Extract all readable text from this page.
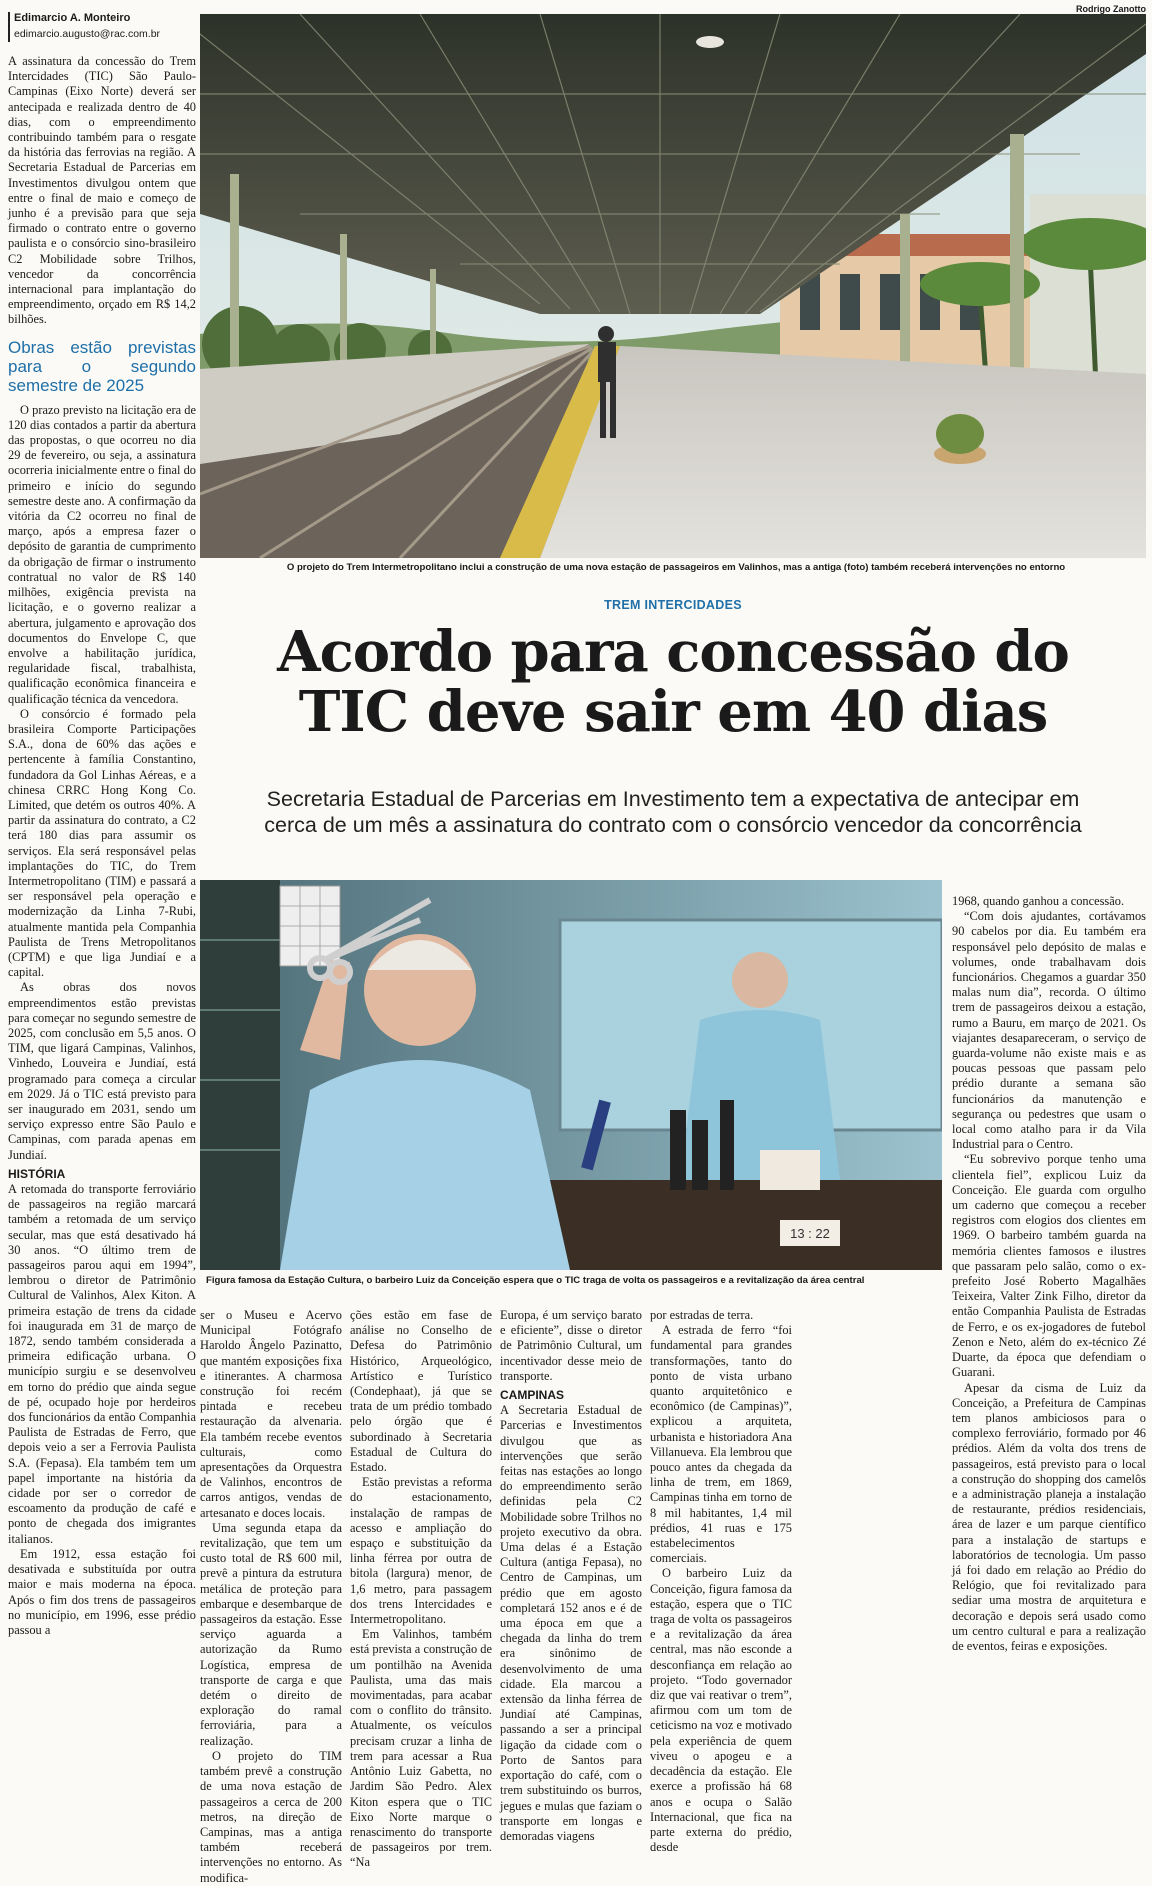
Edimarcio A. Monteiro
edimarcio.augusto@rac.com.br

A assinatura da concessão do Trem Intercidades (TIC) São Paulo-Campinas (Eixo Norte) deverá ser antecipada e realizada dentro de 40 dias, com o empreendimento contribuindo também para o resgate da história das ferrovias na região. A Secretaria Estadual de Parcerias em Investimentos divulgou ontem que entre o final de maio e começo de junho é a previsão para que seja firmado o contrato entre o governo paulista e o consórcio sino-brasileiro C2 Mobilidade sobre Trilhos, vencedor da concorrência internacional para implantação do empreendimento, orçado em R$ 14,2 bilhões.

Obras estão previstas para o segundo semestre de 2025

O prazo previsto na licitação era de 120 dias contados a partir da abertura das propostas, o que ocorreu no dia 29 de fevereiro, ou seja, a assinatura ocorreria inicialmente entre o final do primeiro e início do segundo semestre deste ano. A confirmação da vitória da C2 ocorreu no final de março, após a empresa fazer o depósito de garantia de cumprimento da obrigação de firmar o instrumento contratual no valor de R$ 140 milhões, exigência prevista na licitação, e o governo realizar a abertura, julgamento e aprovação dos documentos do Envelope C, que envolve a habilitação jurídica, regularidade fiscal, trabalhista, qualificação econômica financeira e qualificação técnica da vencedora.

O consórcio é formado pela brasileira Comporte Participações S.A., dona de 60% das ações e pertencente à família Constantino, fundadora da Gol Linhas Aéreas, e a chinesa CRRC Hong Kong Co. Limited, que detém os outros 40%. A partir da assinatura do contrato, a C2 terá 180 dias para assumir os serviços. Ela será responsável pelas implantações do TIC, do Trem Intermetropolitano (TIM) e passará a ser responsável pela operação e modernização da Linha 7-Rubi, atualmente mantida pela Companhia Paulista de Trens Metropolitanos (CPTM) e que liga Jundiaí e a capital.

As obras dos novos empreendimentos estão previstas para começar no segundo semestre de 2025, com conclusão em 5,5 anos. O TIM, que ligará Campinas, Valinhos, Vinhedo, Louveira e Jundiaí, está programado para começa a circular em 2029. Já o TIC está previsto para ser inaugurado em 2031, sendo um serviço expresso entre São Paulo e Campinas, com parada apenas em Jundiaí.

HISTÓRIA

A retomada do transporte ferroviário de passageiros na região marcará também a retomada de um serviço secular, mas que está desativado há 30 anos. “O último trem de passageiros parou aqui em 1994”, lembrou o diretor de Patrimônio Cultural de Valinhos, Alex Kiton. A primeira estação de trens da cidade foi inaugurada em 31 de março de 1872, sendo também considerada a primeira edificação urbana. O município surgiu e se desenvolveu em torno do prédio que ainda segue de pé, ocupado hoje por herdeiros dos funcionários da então Companhia Paulista de Estradas de Ferro, que depois veio a ser a Ferrovia Paulista S.A. (Fepasa). Ela também tem um papel importante na história da cidade por ser o corredor de escoamento da produção de café e ponto de chegada dos imigrantes italianos.

Em 1912, essa estação foi desativada e substituída por outra maior e mais moderna na época. Após o fim dos trens de passageiros no município, em 1996, esse prédio passou a

Rodrigo Zanotto
O projeto do Trem Intermetropolitano inclui a construção de uma nova estação de passageiros em Valinhos, mas a antiga (foto) também receberá intervenções no entorno
TREM INTERCIDADES
Acordo para concessão do
TIC deve sair em 40 dias
Secretaria Estadual de Parcerias em Investimento tem a expectativa de antecipar em
cerca de um mês a assinatura do contrato com o consórcio vencedor da concorrência
13 : 22
Figura famosa da Estação Cultura, o barbeiro Luiz da Conceição espera que o TIC traga de volta os passageiros e a revitalização da área central

1968, quando ganhou a concessão.

“Com dois ajudantes, cortávamos 90 cabelos por dia. Eu também era responsável pelo depósito de malas e volumes, onde trabalhavam dois funcionários. Chegamos a guardar 350 malas num dia”, recorda. O último trem de passageiros deixou a estação, rumo a Bauru, em março de 2021. Os viajantes desapareceram, o serviço de guarda-volume não existe mais e as poucas pessoas que passam pelo prédio durante a semana são funcionários da manutenção e segurança ou pedestres que usam o local como atalho para ir da Vila Industrial para o Centro.

“Eu sobrevivo porque tenho uma clientela fiel”, explicou Luiz da Conceição. Ele guarda com orgulho um caderno que começou a receber registros com elogios dos clientes em 1969. O barbeiro também guarda na memória clientes famosos e ilustres que passaram pelo salão, como o ex-prefeito José Roberto Magalhães Teixeira, Valter Zink Filho, diretor da então Companhia Paulista de Estradas de Ferro, e os ex-jogadores de futebol Zenon e Neto, além do ex-técnico Zé Duarte, da época que defendiam o Guarani.

Apesar da cisma de Luiz da Conceição, a Prefeitura de Campinas tem planos ambiciosos para o complexo ferroviário, formado por 46 prédios. Além da volta dos trens de passageiros, está previsto para o local a construção do shopping dos camelôs e a administração planeja a instalação de restaurante, prédios residenciais, área de lazer e um parque científico para a instalação de startups e laboratórios de tecnologia. Um passo já foi dado em relação ao Prédio do Relógio, que foi revitalizado para sediar uma mostra de arquitetura e decoração e depois será usado como um centro cultural e para a realização de eventos, feiras e exposições.

ser o Museu e Acervo Municipal Fotógrafo Haroldo Ângelo Pazinatto, que mantém exposições fixa e itinerantes. A charmosa construção foi recém pintada e recebeu restauração da alvenaria. Ela também recebe eventos culturais, como apresentações da Orquestra de Valinhos, encontros de carros antigos, vendas de artesanato e doces locais.

Uma segunda etapa da revitalização, que tem um custo total de R$ 600 mil, prevê a pintura da estrutura metálica de proteção para embarque e desembarque de passageiros da estação. Esse serviço aguarda a autorização da Rumo Logística, empresa de transporte de carga e que detém o direito de exploração do ramal ferroviária, para a realização.

O projeto do TIM também prevê a construção de uma nova estação de passageiros a cerca de 200 metros, na direção de Campinas, mas a antiga também receberá intervenções no entorno. As modifica-

ções estão em fase de análise no Conselho de Defesa do Patrimônio Histórico, Arqueológico, Artístico e Turístico (Condephaat), já que se trata de um prédio tombado pelo órgão que é subordinado à Secretaria Estadual de Cultura do Estado.

Estão previstas a reforma do estacionamento, instalação de rampas de acesso e ampliação do espaço e substituição da linha férrea por outra de bitola (largura) menor, de 1,6 metro, para passagem dos trens Intercidades e Intermetropolitano.

Em Valinhos, também está prevista a construção de um pontilhão na Avenida Paulista, uma das mais movimentadas, para acabar com o conflito do trânsito. Atualmente, os veículos precisam cruzar a linha de trem para acessar a Rua Antônio Luiz Gabetta, no Jardim São Pedro. Alex Kiton espera que o TIC Eixo Norte marque o renascimento do transporte de passageiros por trem. “Na

Europa, é um serviço barato e eficiente”, disse o diretor de Patrimônio Cultural, um incentivador desse meio de transporte.

CAMPINAS

A Secretaria Estadual de Parcerias e Investimentos divulgou que as intervenções que serão feitas nas estações ao longo do empreendimento serão definidas pela C2 Mobilidade sobre Trilhos no projeto executivo da obra. Uma delas é a Estação Cultura (antiga Fepasa), no Centro de Campinas, um prédio que em agosto completará 152 anos e é de uma época em que a chegada da linha do trem era sinônimo de desenvolvimento de uma cidade. Ela marcou a extensão da linha férrea de Jundiaí até Campinas, passando a ser a principal ligação da cidade com o Porto de Santos para exportação do café, com o trem substituindo os burros, jegues e mulas que faziam o transporte em longas e demoradas viagens

por estradas de terra.

A estrada de ferro “foi fundamental para grandes transformações, tanto do ponto de vista urbano quanto arquitetônico e econômico (de Campinas)”, explicou a arquiteta, urbanista e historiadora Ana Villanueva. Ela lembrou que pouco antes da chegada da linha de trem, em 1869, Campinas tinha em torno de 8 mil habitantes, 1,4 mil prédios, 41 ruas e 175 estabelecimentos comerciais.

O barbeiro Luiz da Conceição, figura famosa da estação, espera que o TIC traga de volta os passageiros e a revitalização da área central, mas não esconde a desconfiança em relação ao projeto. “Todo governador diz que vai reativar o trem”, afirmou com um tom de ceticismo na voz e motivado pela experiência de quem viveu o apogeu e a decadência da estação. Ele exerce a profissão há 68 anos e ocupa o Salão Internacional, que fica na parte externa do prédio, desde
